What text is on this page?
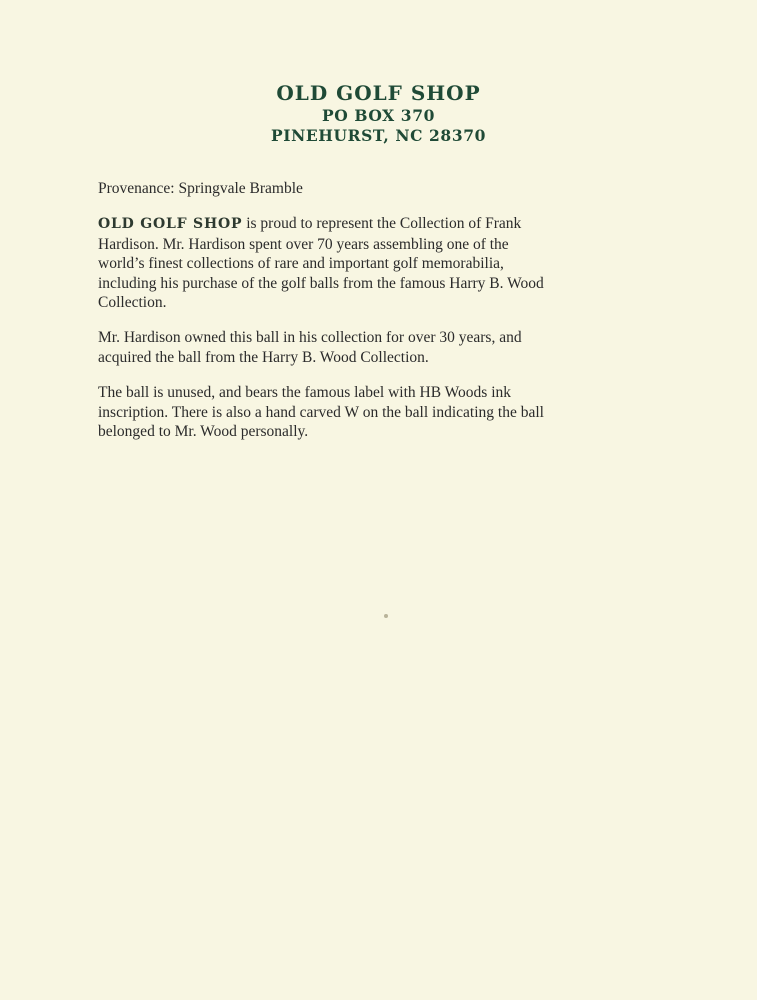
OLD GOLF SHOP

PO BOX 370

PINEHURST, NC 28370

Provenance: Springvale Bramble

OLD GOLF SHOP is proud to represent the Collection of Frank
Hardison. Mr. Hardison spent over 70 years assembling one of the
world’s finest collections of rare and important golf memorabilia,
including his purchase of the golf balls from the famous Harry B. Wood
Collection.

Mr. Hardison owned this ball in his collection for over 30 years, and
acquired the ball from the Harry B. Wood Collection.

The ball is unused, and bears the famous label with HB Woods ink
inscription. There is also a hand carved W on the ball indicating the ball
belonged to Mr. Wood personally.
